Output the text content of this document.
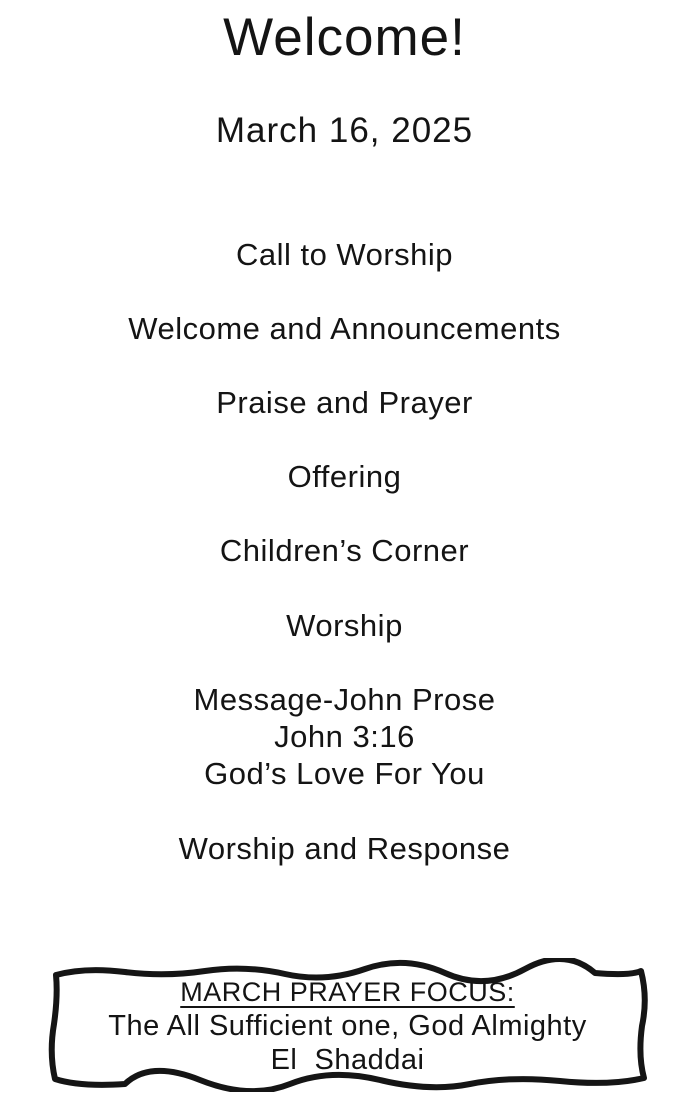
Welcome!
March 16, 2025
Call to Worship
Welcome and Announcements
Praise and Prayer
Offering
Children’s Corner
Worship
Message-John Prose
John 3:16
God’s Love For You
Worship and Response
MARCH PRAYER FOCUS:
The All Sufficient one, God Almighty
El  Shaddai
